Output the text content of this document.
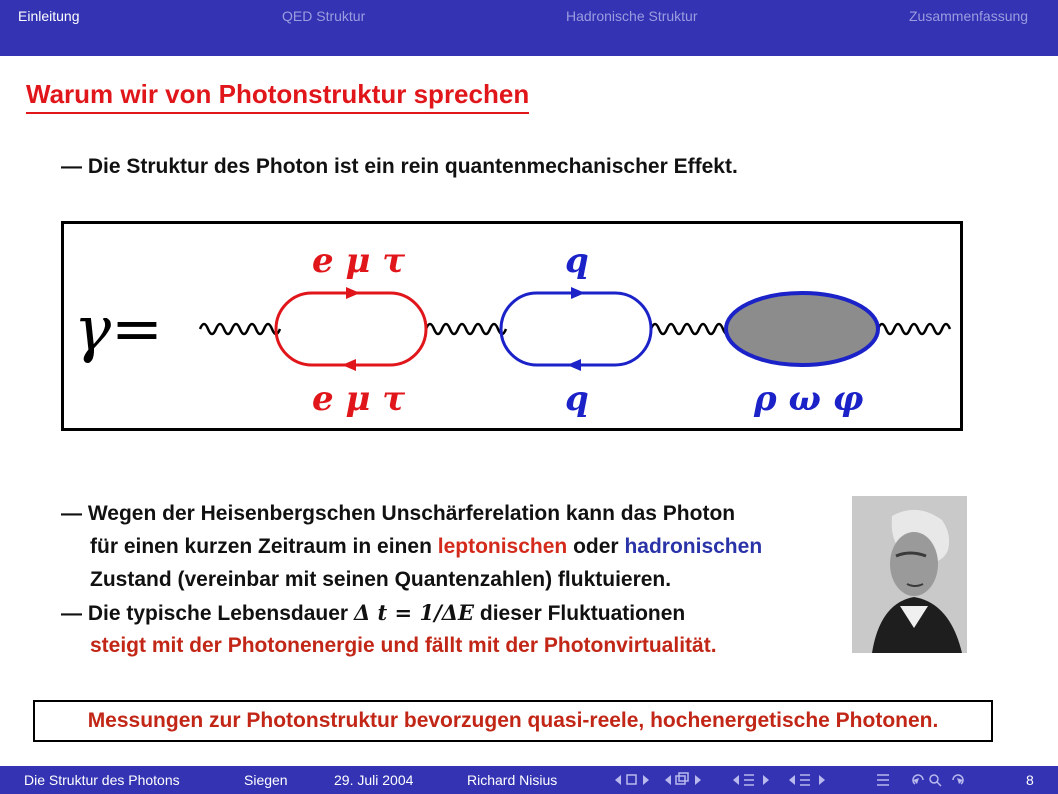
Einleitung	QED Struktur	Hadronische Struktur	Zusammenfassung
Warum wir von Photonstruktur sprechen
— Die Struktur des Photon ist ein rein quantenmechanischer Effekt.
γ=
e μ τ
e μ τ
q
q	ρ ω φ
— Wegen der Heisenbergschen Unschärferelation kann das Photon
für einen kurzen Zeitraum in einen leptonischen oder hadronischen
Zustand (vereinbar mit seinen Quantenzahlen) fluktuieren.
— Die typische Lebensdauer Δ t = 1/ΔE dieser Fluktuationen
steigt mit der Photonenergie und fällt mit der Photonvirtualität.
Messungen zur Photonstruktur bevorzugen quasi-reele, hochenergetische Photonen.
Die Struktur des Photons	Siegen	29. Juli 2004	Richard Nisius	8
